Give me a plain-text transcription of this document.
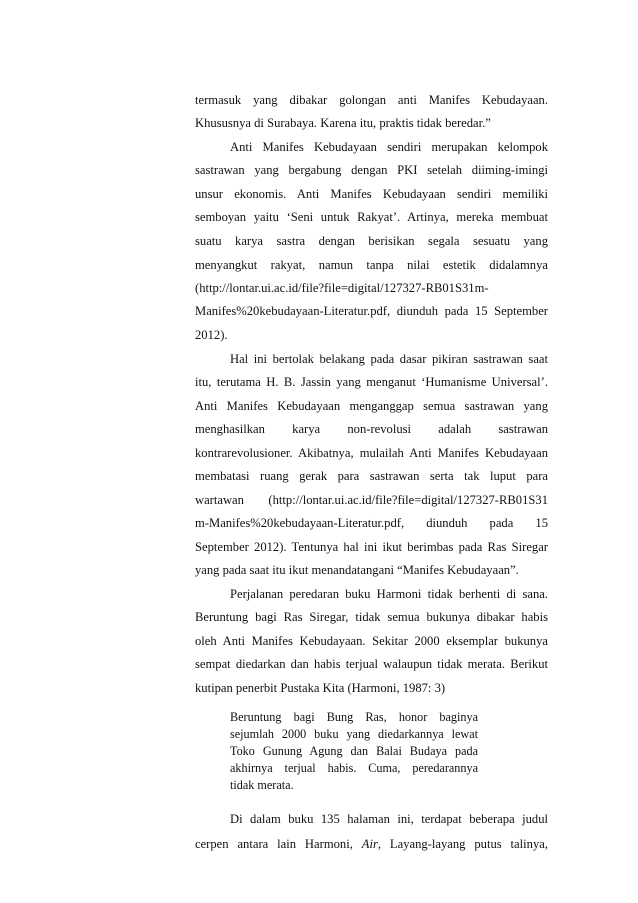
termasuk yang dibakar golongan anti Manifes Kebudayaan.
Khususnya di Surabaya. Karena itu, praktis tidak beredar.”
Anti Manifes Kebudayaan sendiri merupakan kelompok
sastrawan yang bergabung dengan PKI setelah diiming-imingi
unsur ekonomis. Anti Manifes Kebudayaan sendiri memiliki
semboyan yaitu ‘Seni untuk Rakyat’. Artinya, mereka membuat
suatu karya sastra dengan berisikan segala sesuatu yang
menyangkut rakyat, namun tanpa nilai estetik didalamnya
(http://lontar.ui.ac.id/file?file=digital/127327-RB01S31m-
Manifes%20kebudayaan-Literatur.pdf, diunduh pada 15 September
2012).
Hal ini bertolak belakang pada dasar pikiran sastrawan saat
itu, terutama H. B. Jassin yang menganut ‘Humanisme Universal’.
Anti Manifes Kebudayaan menganggap semua sastrawan yang
menghasilkan karya non-revolusi adalah sastrawan
kontrarevolusioner. Akibatnya, mulailah Anti Manifes Kebudayaan
membatasi ruang gerak para sastrawan serta tak luput para
wartawan (http://lontar.ui.ac.id/file?file=digital/127327-RB01S31
m-Manifes%20kebudayaan-Literatur.pdf, diunduh pada 15
September 2012). Tentunya hal ini ikut berimbas pada Ras Siregar
yang pada saat itu ikut menandatangani “Manifes Kebudayaan”.
Perjalanan peredaran buku Harmoni tidak berhenti di sana.
Beruntung bagi Ras Siregar, tidak semua bukunya dibakar habis
oleh Anti Manifes Kebudayaan. Sekitar 2000 eksemplar bukunya
sempat diedarkan dan habis terjual walaupun tidak merata. Berikut
kutipan penerbit Pustaka Kita (Harmoni, 1987: 3)
Beruntung bagi Bung Ras, honor baginya
sejumlah 2000 buku yang diedarkannya lewat
Toko Gunung Agung dan Balai Budaya pada
akhirnya terjual habis. Cuma, peredarannya
tidak merata.
Di dalam buku 135 halaman ini, terdapat beberapa judul
cerpen antara lain Harmoni, Air, Layang-layang putus talinya,
